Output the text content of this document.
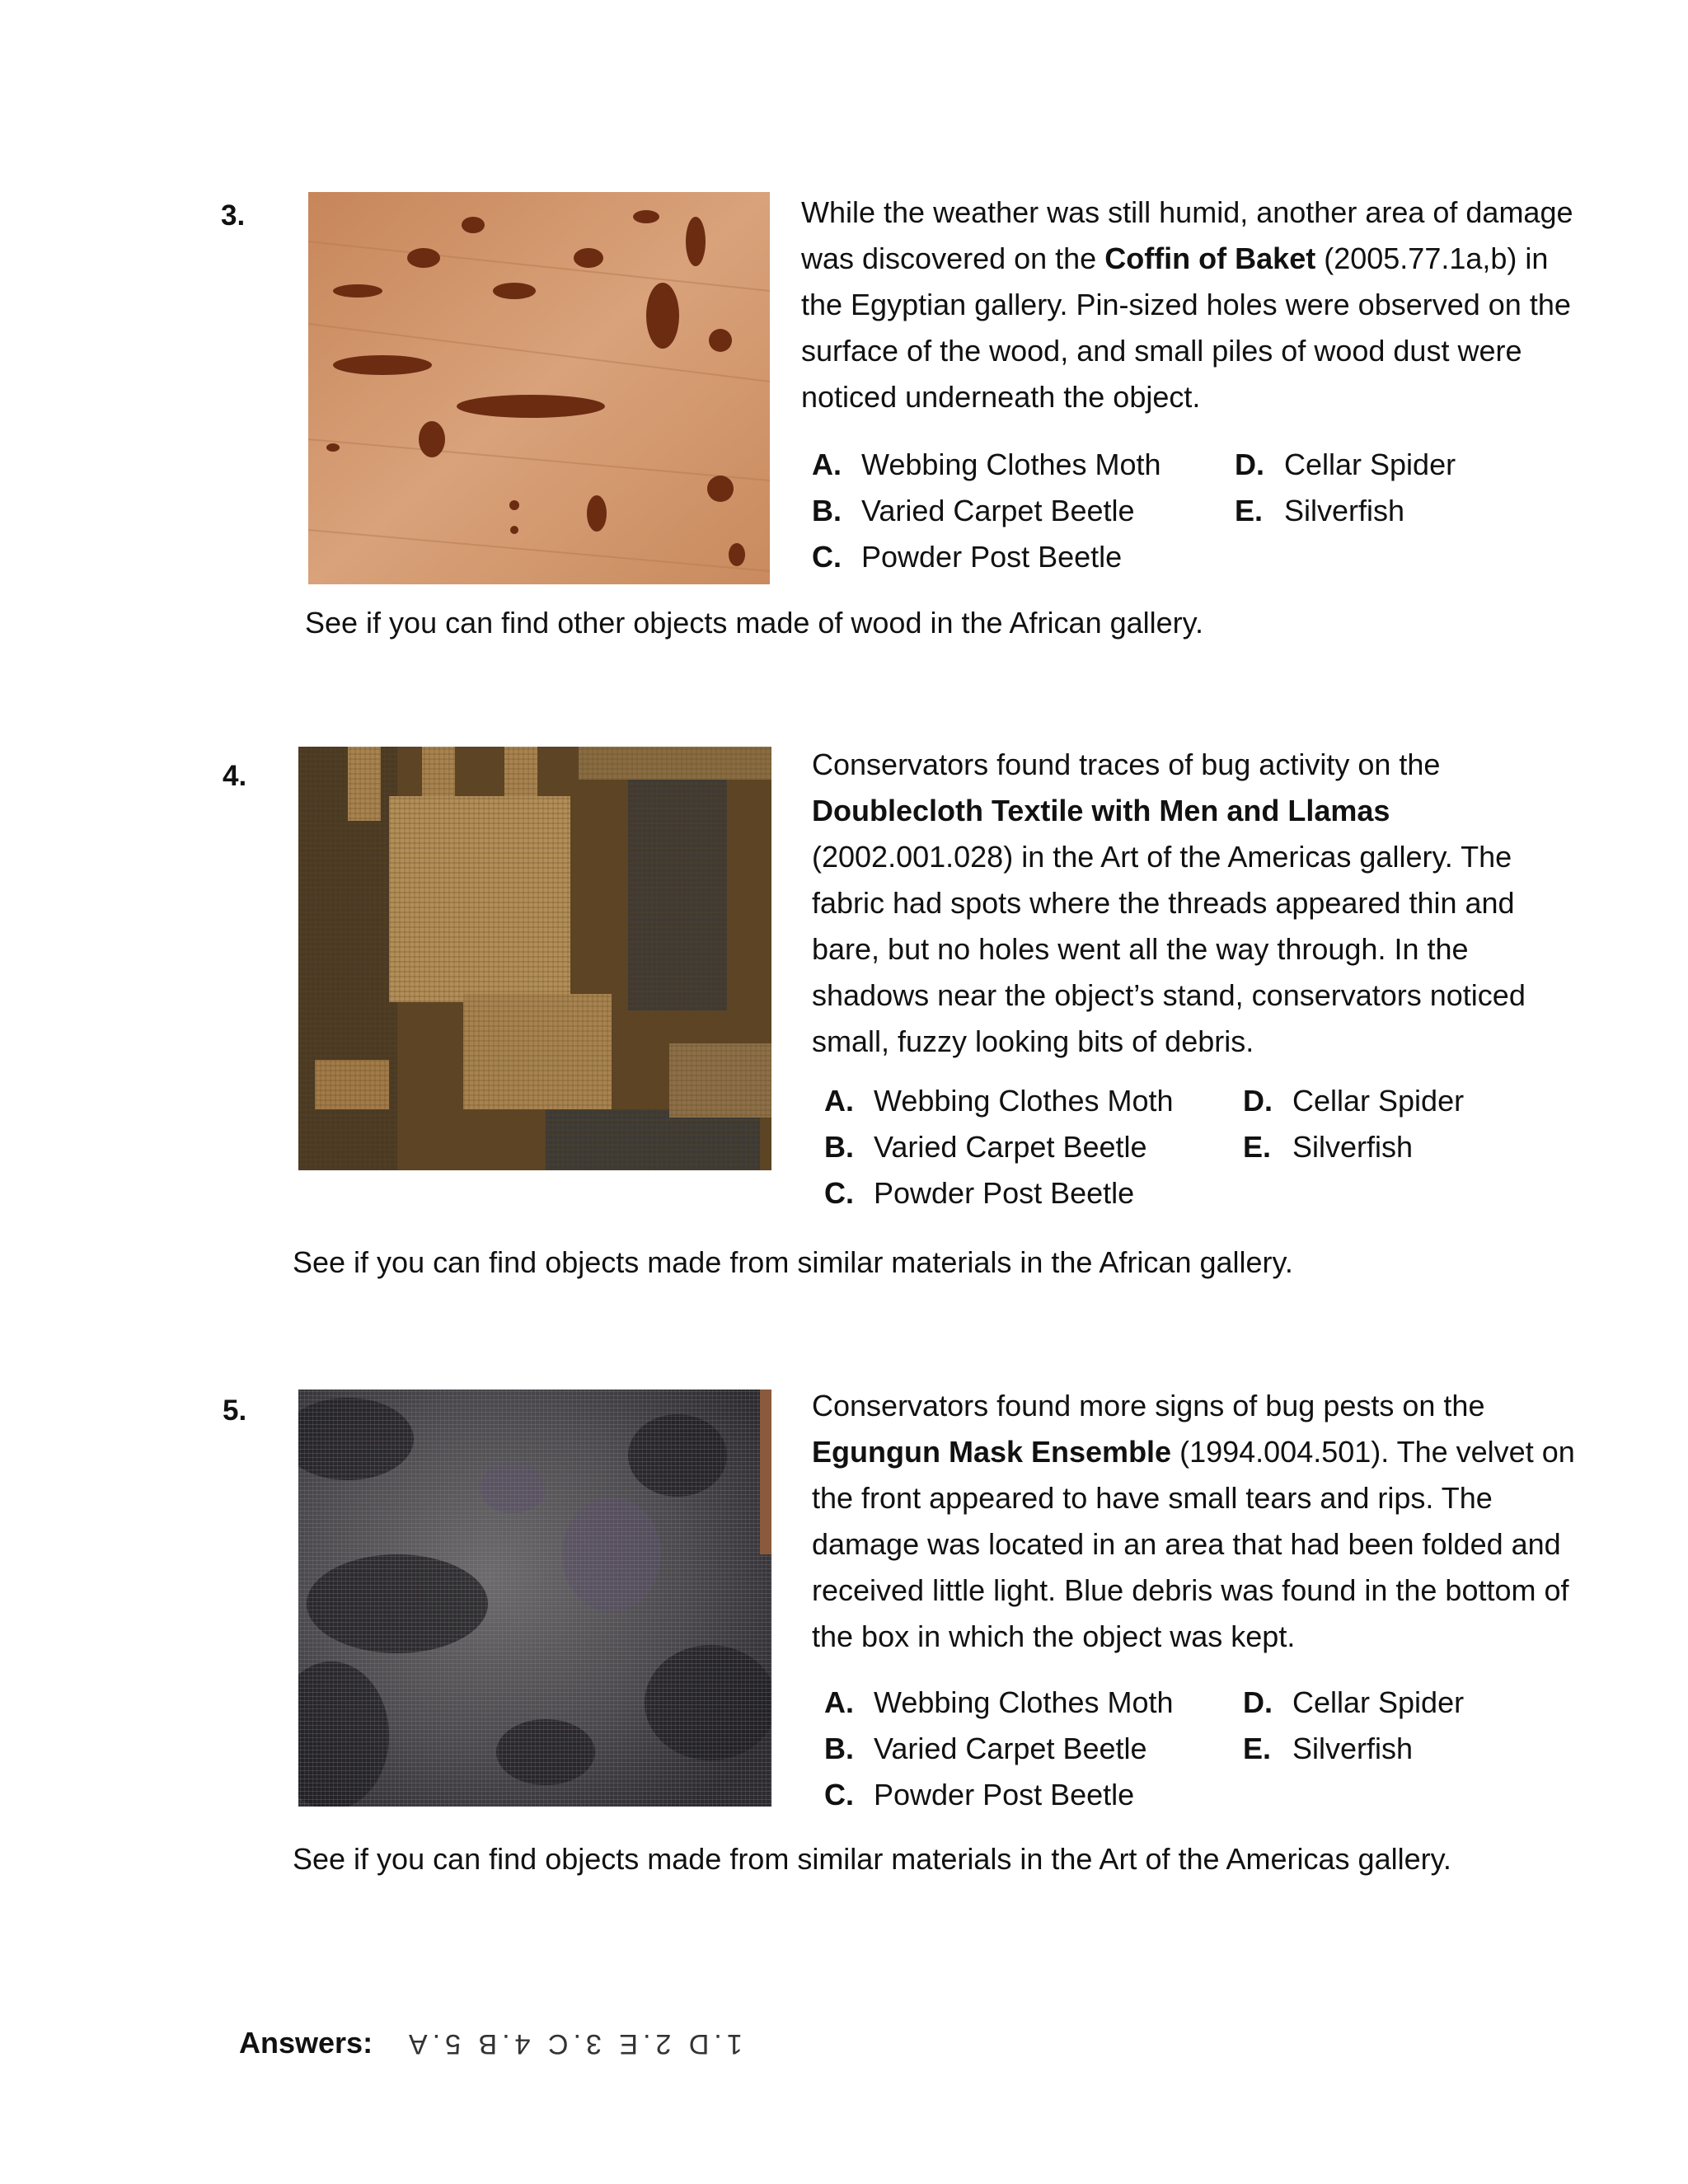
3.	While the weather was still humid, another area of damage was discovered on the Coffin of Baket (2005.77.1a,b) in the Egyptian gallery. Pin-sized holes were observed on the surface of the wood, and small piles of wood dust were noticed underneath the object.
A. Webbing Clothes Moth
B. Varied Carpet Beetle
C. Powder Post Beetle
D. Cellar Spider
E. Silverfish
See if you can find other objects made of wood in the African gallery.
4.	Conservators found traces of bug activity on the Doublecloth Textile with Men and Llamas (2002.001.028) in the Art of the Americas gallery. The fabric had spots where the threads appeared thin and bare, but no holes went all the way through. In the shadows near the object’s stand, conservators noticed small, fuzzy looking bits of debris.
A. Webbing Clothes Moth
B. Varied Carpet Beetle
C. Powder Post Beetle
D. Cellar Spider
E. Silverfish
See if you can find objects made from similar materials in the African gallery.
5.	Conservators found more signs of bug pests on the Egungun Mask Ensemble (1994.004.501). The velvet on the front appeared to have small tears and rips. The damage was located in an area that had been folded and received little light. Blue debris was found in the bottom of the box in which the object was kept.
A. Webbing Clothes Moth
B. Varied Carpet Beetle
C. Powder Post Beetle
D. Cellar Spider
E. Silverfish
See if you can find objects made from similar materials in the Art of the Americas gallery.
Answers: 1.D 2.E 3.C 4.B 5.A
